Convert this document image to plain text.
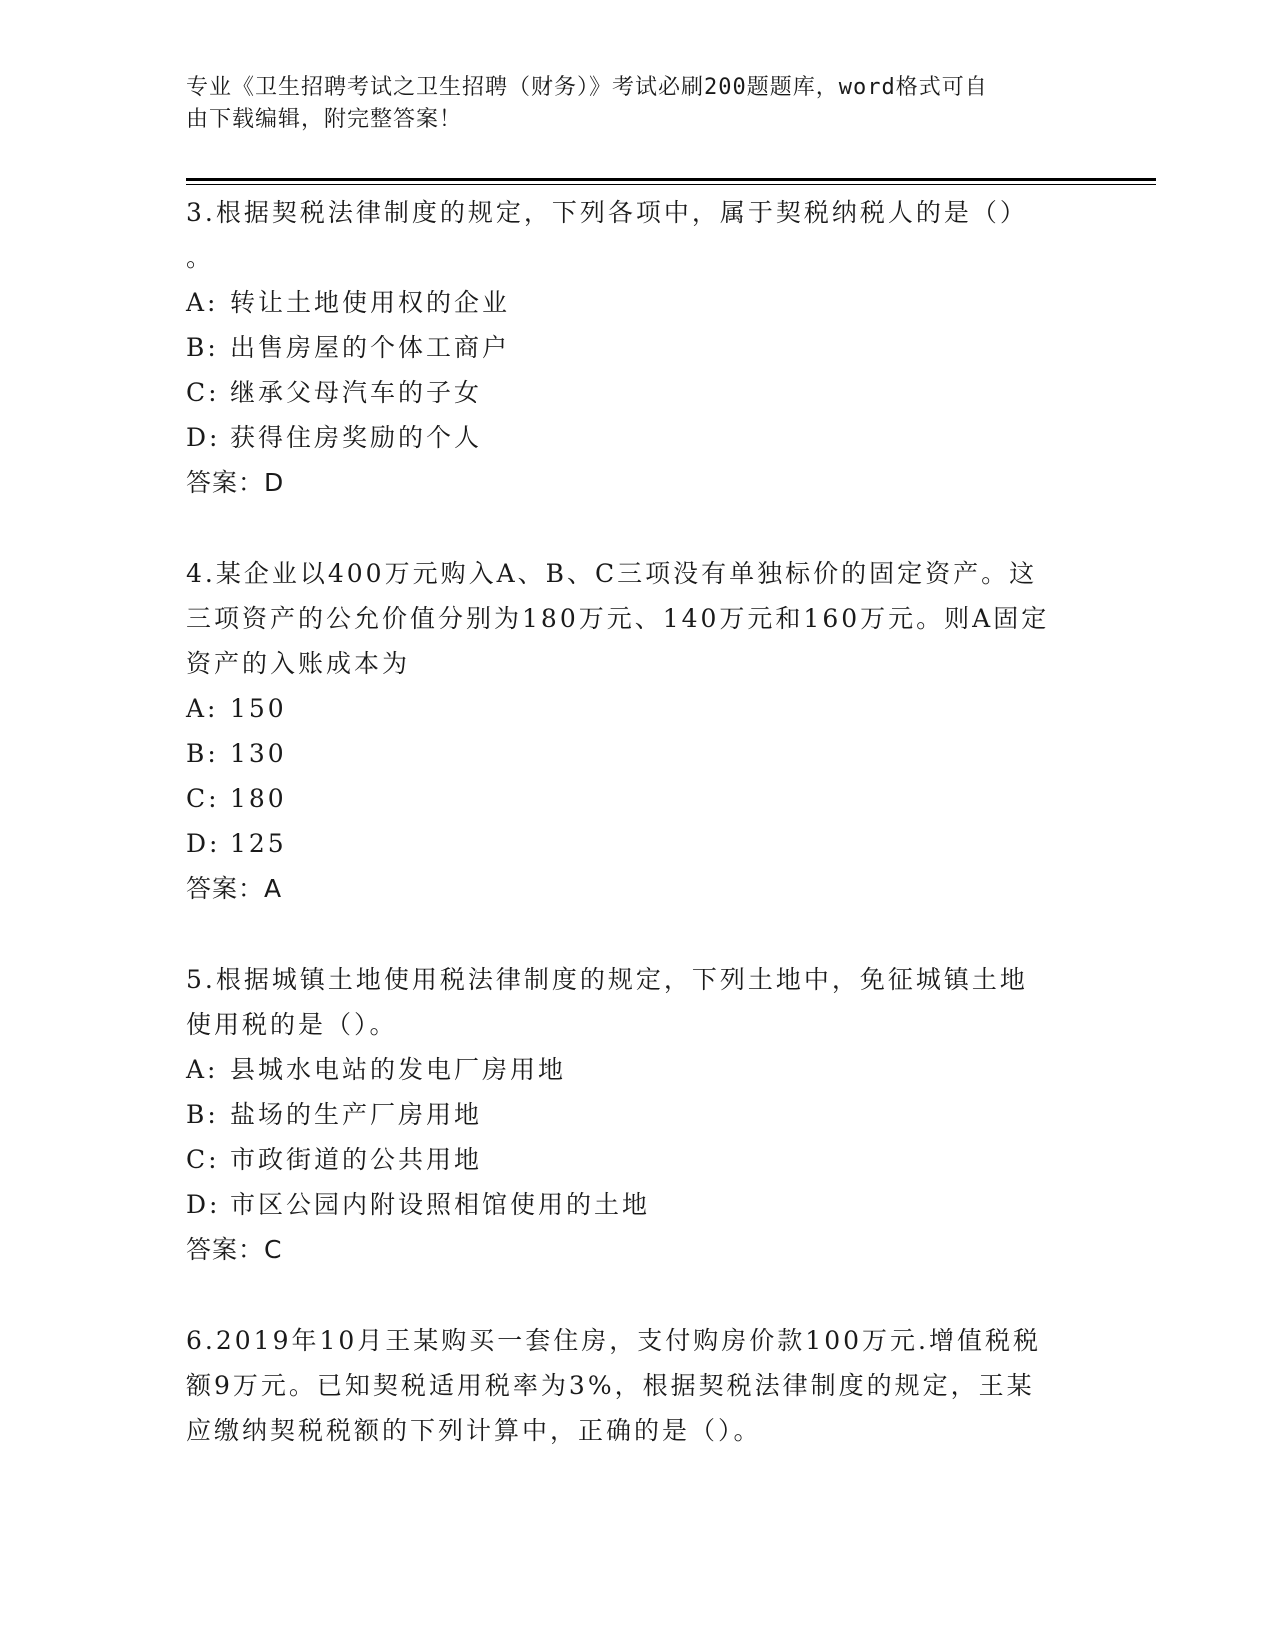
专业《卫生招聘考试之卫生招聘（财务）》考试必刷200题题库，word格式可自
由下载编辑，附完整答案！
3.根据契税法律制度的规定，下列各项中，属于契税纳税人的是（）
。
A: 转让土地使用权的企业
B: 出售房屋的个体工商户
C: 继承父母汽车的子女
D: 获得住房奖励的个人
答案：D
4.某企业以400万元购入A、B、C三项没有单独标价的固定资产。这
三项资产的公允价值分别为180万元、140万元和160万元。则A固定
资产的入账成本为
A: 150
B: 130
C: 180
D: 125
答案：A
5.根据城镇土地使用税法律制度的规定，下列土地中，免征城镇土地
使用税的是（）。
A: 县城水电站的发电厂房用地
B: 盐场的生产厂房用地
C: 市政街道的公共用地
D: 市区公园内附设照相馆使用的土地
答案：C
6.2019年10月王某购买一套住房，支付购房价款100万元.增值税税
额9万元。已知契税适用税率为3%，根据契税法律制度的规定，王某
应缴纳契税税额的下列计算中，正确的是（）。
